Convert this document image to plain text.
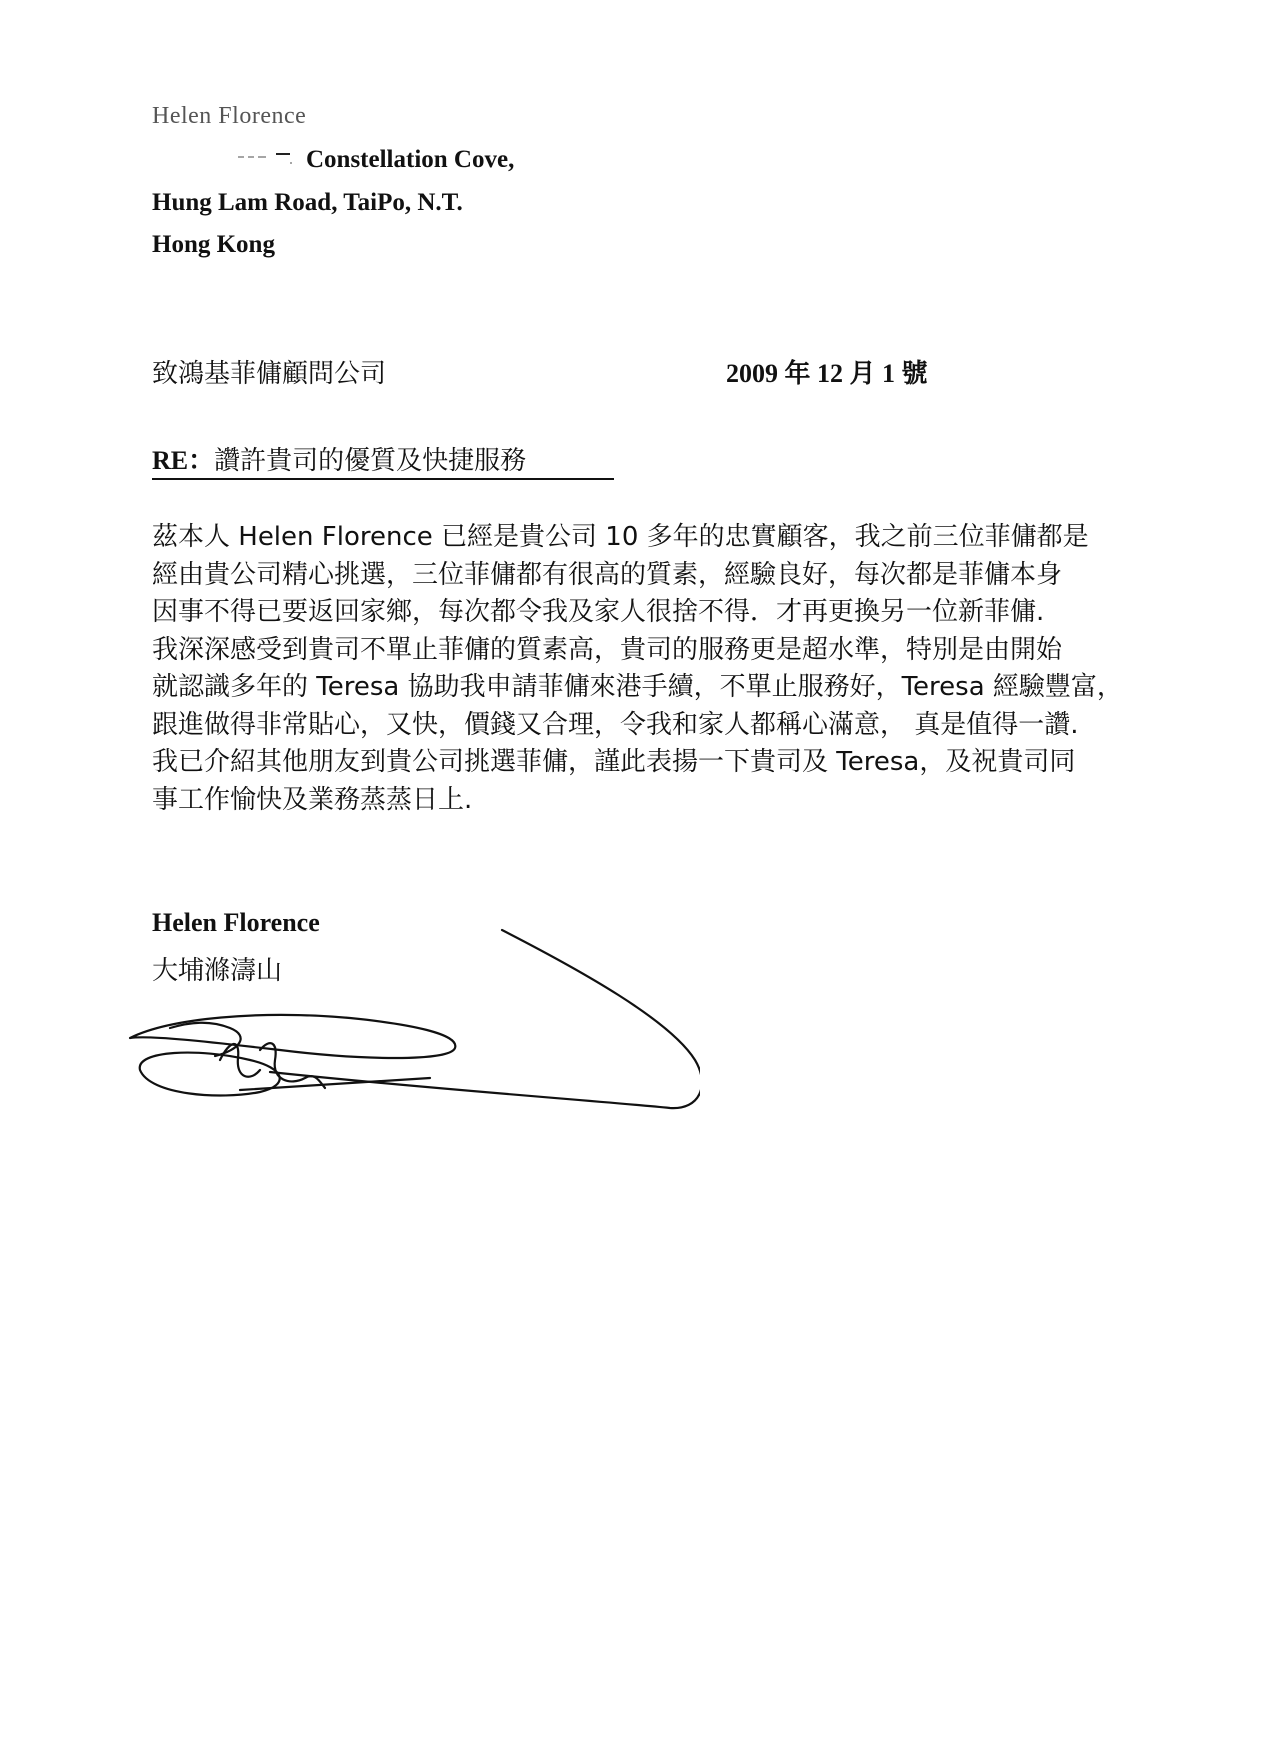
Helen Florence
Constellation Cove,
Hung Lam Road, TaiPo, N.T.
Hong Kong
致鴻基菲傭顧問公司	2009 年 12 月 1 號
RE：讚許貴司的優質及快捷服務
茲本人 Helen Florence 已經是貴公司 10 多年的忠實顧客，我之前三位菲傭都是
經由貴公司精心挑選，三位菲傭都有很高的質素，經驗良好，每次都是菲傭本身
因事不得已要返回家鄉，每次都令我及家人很捨不得．才再更換另一位新菲傭.
我深深感受到貴司不單止菲傭的質素高，貴司的服務更是超水準，特別是由開始
就認識多年的 Teresa 協助我申請菲傭來港手續，不單止服務好，Teresa 經驗豐富，
跟進做得非常貼心，又快，價錢又合理，令我和家人都稱心滿意， 真是值得一讚.
我已介紹其他朋友到貴公司挑選菲傭，謹此表揚一下貴司及 Teresa，及祝貴司同
事工作愉快及業務蒸蒸日上.
Helen Florence
大埔滌濤山
